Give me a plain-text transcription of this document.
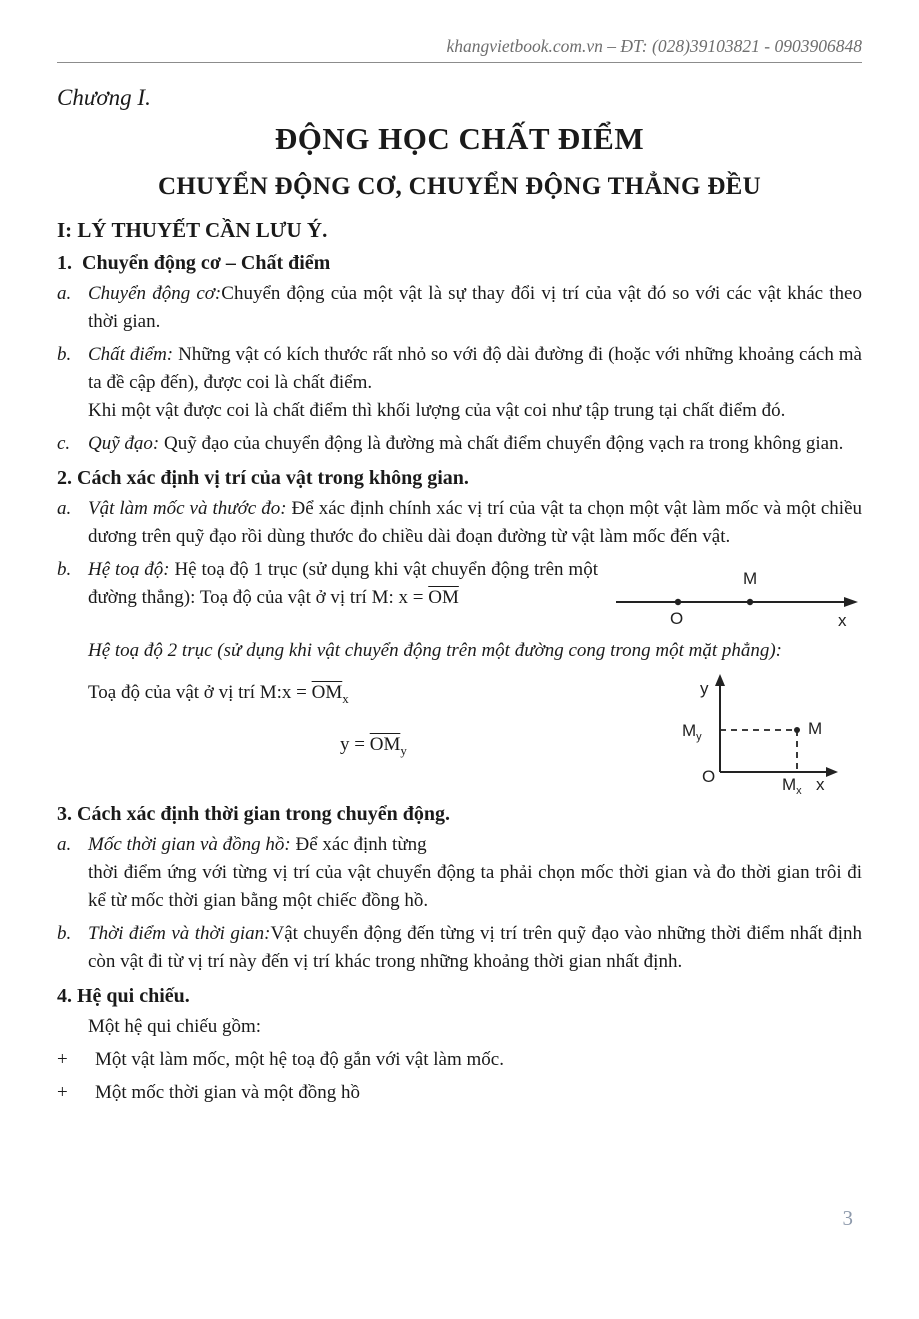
khangvietbook.com.vn – ĐT: (028)39103821 - 0903906848
Chương I.
ĐỘNG HỌC CHẤT ĐIỂM
CHUYỂN ĐỘNG CƠ, CHUYỂN ĐỘNG THẲNG ĐỀU
I: LÝ THUYẾT CẦN LƯU Ý.
1.  Chuyển động cơ – Chất điểm
a. Chuyển động cơ:Chuyển động của một vật là sự thay đổi vị trí của vật đó so với các vật khác theo thời gian.
b. Chất điểm: Những vật có kích thước rất nhỏ so với độ dài đường đi (hoặc với những khoảng cách mà ta đề cập đến), được coi là chất điểm.
Khi một vật được coi là chất điểm thì khối lượng của vật coi như tập trung tại chất điểm đó.
c. Quỹ đạo: Quỹ đạo của chuyển động là đường mà chất điểm chuyển động vạch ra trong không gian.
2. Cách xác định vị trí của vật trong không gian.
a. Vật làm mốc và thước đo: Để xác định chính xác vị trí của vật ta chọn một vật làm mốc và một chiều dương trên quỹ đạo rồi dùng thước đo chiều dài đoạn đường từ vật làm mốc đến vật.
M
O	x
b. Hệ toạ độ: Hệ toạ độ 1 trục (sử dụng khi vật chuyển động trên một đường thẳng): Toạ độ của vật ở vị trí M: $x = \overline{OM}$
Hệ toạ độ 2 trục (sử dụng khi vật chuyển động trên một đường cong trong một mặt phẳng):
y
x
O
M
$M_y$
$M_x$
Toạ độ của vật ở vị trí M:x = $\overline{OM}_x$
$y = \overline{OM}_y$
3. Cách xác định thời gian trong chuyển động.
a. Mốc thời gian và đồng hồ: Để xác định từng
thời điểm ứng với từng vị trí của vật chuyển động ta phải chọn mốc thời gian và đo thời gian trôi đi kể từ mốc thời gian bằng một chiếc đồng hồ.
b. Thời điểm và thời gian:Vật chuyển động đến từng vị trí trên quỹ đạo vào những thời điểm nhất định còn vật đi từ vị trí này đến vị trí khác trong những khoảng thời gian nhất định.
4. Hệ qui chiếu.
Một hệ qui chiếu gồm:
+ Một vật làm mốc, một hệ toạ độ gắn với vật làm mốc.
+ Một mốc thời gian và một đồng hồ
3
